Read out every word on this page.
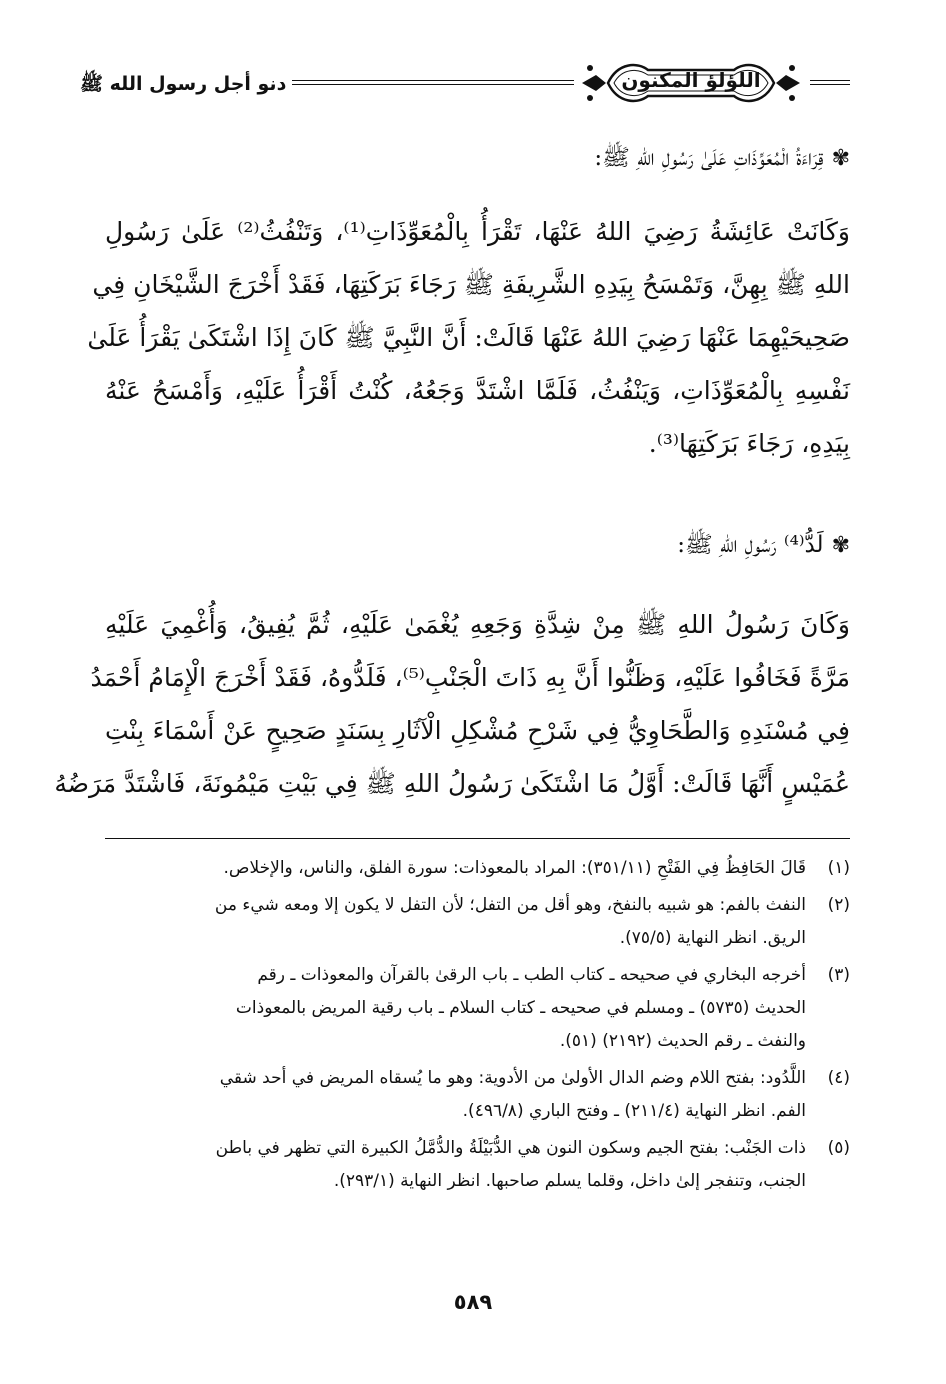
اللؤلؤ المكنون
دنو أجل رسول الله ﷺ
✾قِرَاءَةُ الْمُعَوِّذَاتِ عَلَىٰ رَسُولِ اللهِ ﷺ:
وَكَانَتْ عَائِشَةُ رَضِيَ اللهُ عَنْهَا، تَقْرَأُ بِالْمُعَوِّذَاتِ⁽¹⁾، وَتَنْفُثُ⁽²⁾ عَلَىٰ رَسُولِ
اللهِ ﷺ بِهِنَّ، وَتَمْسَحُ بِيَدِهِ الشَّرِيفَةِ ﷺ رَجَاءَ بَرَكَتِهَا، فَقَدْ أَخْرَجَ الشَّيْخَانِ فِي
صَحِيحَيْهِمَا عَنْهَا رَضِيَ اللهُ عَنْهَا قَالَتْ: أَنَّ النَّبِيَّ ﷺ كَانَ إِذَا اشْتَكَىٰ يَقْرَأُ عَلَىٰ
نَفْسِهِ بِالْمُعَوِّذَاتِ، وَيَنْفُثُ، فَلَمَّا اشْتَدَّ وَجَعُهُ، كُنْتُ أَقْرَأُ عَلَيْهِ، وَأَمْسَحُ عَنْهُ
بِيَدِهِ، رَجَاءَ بَرَكَتِهَا⁽³⁾.
✾لَدُّ⁽⁴⁾ رَسُولِ اللهِ ﷺ:
وَكَانَ رَسُولُ اللهِ ﷺ مِنْ شِدَّةِ وَجَعِهِ يُغْمَىٰ عَلَيْهِ، ثُمَّ يُفِيقُ، وَأُغْمِيَ عَلَيْهِ
مَرَّةً فَخَافُوا عَلَيْهِ، وَظَنُّوا أَنَّ بِهِ ذَاتَ الْجَنْبِ⁽⁵⁾، فَلَدُّوهُ، فَقَدْ أَخْرَجَ الْإِمَامُ أَحْمَدُ
فِي مُسْنَدِهِ وَالطَّحَاوِيُّ فِي شَرْحِ مُشْكِلِ الْآثَارِ بِسَنَدٍ صَحِيحٍ عَنْ أَسْمَاءَ بِنْتِ
عُمَيْسٍ أَنَّهَا قَالَتْ: أَوَّلُ مَا اشْتَكَىٰ رَسُولُ اللهِ ﷺ فِي بَيْتِ مَيْمُونَةَ، فَاشْتَدَّ مَرَضُهُ
(١)
قَالَ الحَافِظُ فِي الفَتْحِ (٣٥١/١١): المراد بالمعوذات: سورة الفلق، والناس، والإخلاص.
(٢)
النفث بالفم: هو شبيه بالنفخ، وهو أقل من التفل؛ لأن التفل لا يكون إلا ومعه شيء من
الريق. انظر النهاية (٧٥/٥).
(٣)
أخرجه البخاري في صحيحه ـ كتاب الطب ـ باب الرقىٰ بالقرآن والمعوذات ـ رقم
الحديث (٥٧٣٥) ـ ومسلم في صحيحه ـ كتاب السلام ـ باب رقية المريض بالمعوذات
والنفث ـ رقم الحديث (٢١٩٢) (٥١).
(٤)
اللَّدُود: بفتح اللام وضم الدال الأولىٰ من الأدوية: وهو ما يُسقاه المريض في أحد شقي
الفم. انظر النهاية (٢١١/٤) ـ وفتح الباري (٤٩٦/٨).
(٥)
ذات الجَنْب: بفتح الجيم وسكون النون هي الدُّبَيْلَةُ والدُّمَّلُ الكبيرة التي تظهر في باطن
الجنب، وتنفجر إلىٰ داخل، وقلما يسلم صاحبها. انظر النهاية (٢٩٣/١).
٥٨٩
